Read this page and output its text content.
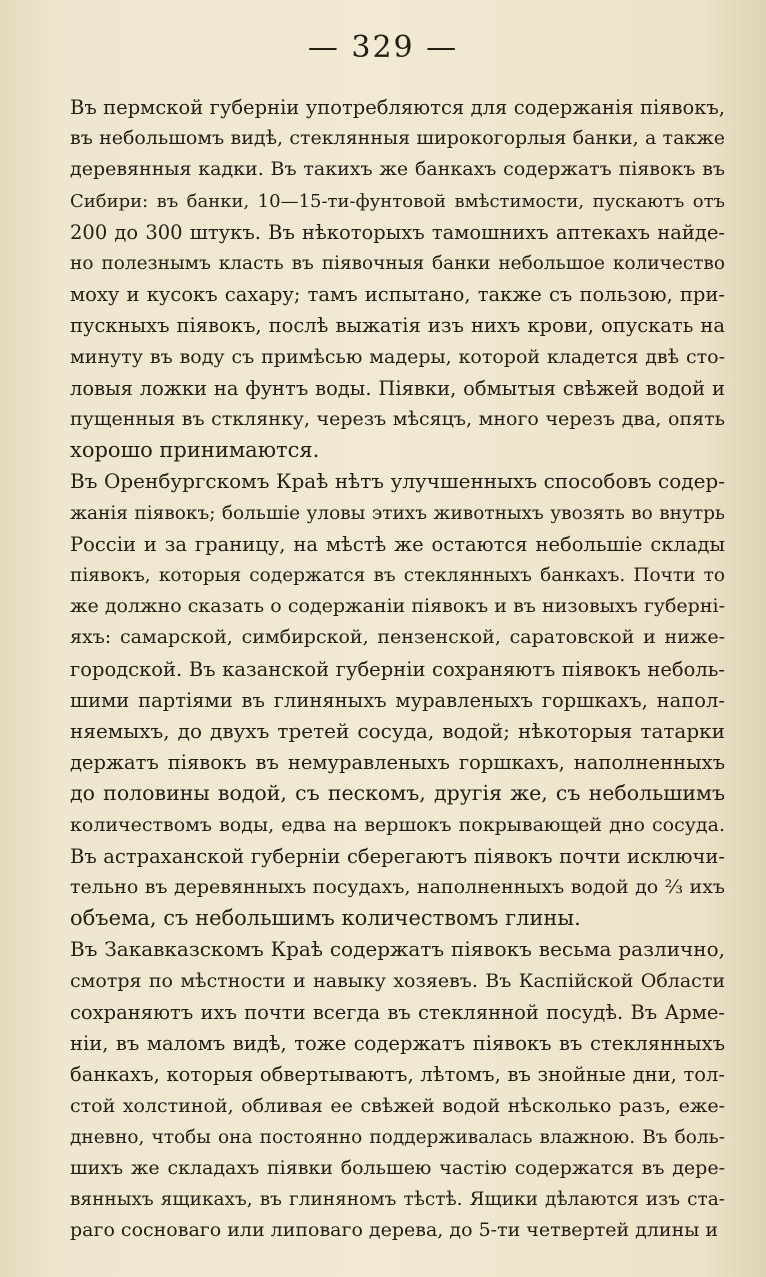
— 329 —
Въ пермской губерніи употребляются для содержанія піявокъ,
въ небольшомъ видѣ, стеклянныя широкогорлыя банки, а также
деревянныя кадки. Въ такихъ же банкахъ содержатъ піявокъ въ
Сибири: въ банки, 10—15-ти-фунтовой вмѣстимости, пускаютъ отъ
200 до 300 штукъ. Въ нѣкоторыхъ тамошнихъ аптекахъ найде-
но полезнымъ класть въ піявочныя банки небольшое количество
моху и кусокъ сахару; тамъ испытано, также съ пользою, при-
пускныхъ піявокъ, послѣ выжатія изъ нихъ крови, опускать на
минуту въ воду съ примѣсью мадеры, которой кладется двѣ сто-
ловыя ложки на фунтъ воды. Піявки, обмытыя свѣжей водой и
пущенныя въ стклянку, черезъ мѣсяцъ, много черезъ два, опять
хорошо принимаются.
Въ Оренбургскомъ Краѣ нѣтъ улучшенныхъ способовъ содер-
жанія піявокъ; большіе уловы этихъ животныхъ увозять во внутрь
Россіи и за границу, на мѣстѣ же остаются небольшіе склады
піявокъ, которыя содержатся въ стеклянныхъ банкахъ. Почти то
же должно сказать о содержаніи піявокъ и въ низовыхъ губерні-
яхъ: самарской, симбирской, пензенской, саратовской и ниже-
городской. Въ казанской губерніи сохраняютъ піявокъ неболь-
шими партіями въ глиняныхъ муравленыхъ горшкахъ, напол-
няемыхъ, до двухъ третей сосуда, водой; нѣкоторыя татарки
держатъ піявокъ въ немуравленыхъ горшкахъ, наполненныхъ
до половины водой, съ пескомъ, другія же, съ небольшимъ
количествомъ воды, едва на вершокъ покрывающей дно сосуда.
Въ астраханской губерніи сберегаютъ піявокъ почти исключи-
тельно въ деревянныхъ посудахъ, наполненныхъ водой до ⅔ ихъ
объема, съ небольшимъ количествомъ глины.
Въ Закавказскомъ Краѣ содержатъ піявокъ весьма различно,
смотря по мѣстности и навыку хозяевъ. Въ Каспійской Области
сохраняютъ ихъ почти всегда въ стеклянной посудѣ. Въ Арме-
ніи, въ маломъ видѣ, тоже содержатъ піявокъ въ стеклянныхъ
банкахъ, которыя обвертываютъ, лѣтомъ, въ знойные дни, тол-
стой холстиной, обливая ее свѣжей водой нѣсколько разъ, еже-
дневно, чтобы она постоянно поддерживалась влажною. Въ боль-
шихъ же складахъ піявки большею частію содержатся въ дере-
вянныхъ ящикахъ, въ глиняномъ тѣстѣ. Ящики дѣлаются изъ ста-
раго сосноваго или липоваго дерева, до 5-ти четвертей длины и
